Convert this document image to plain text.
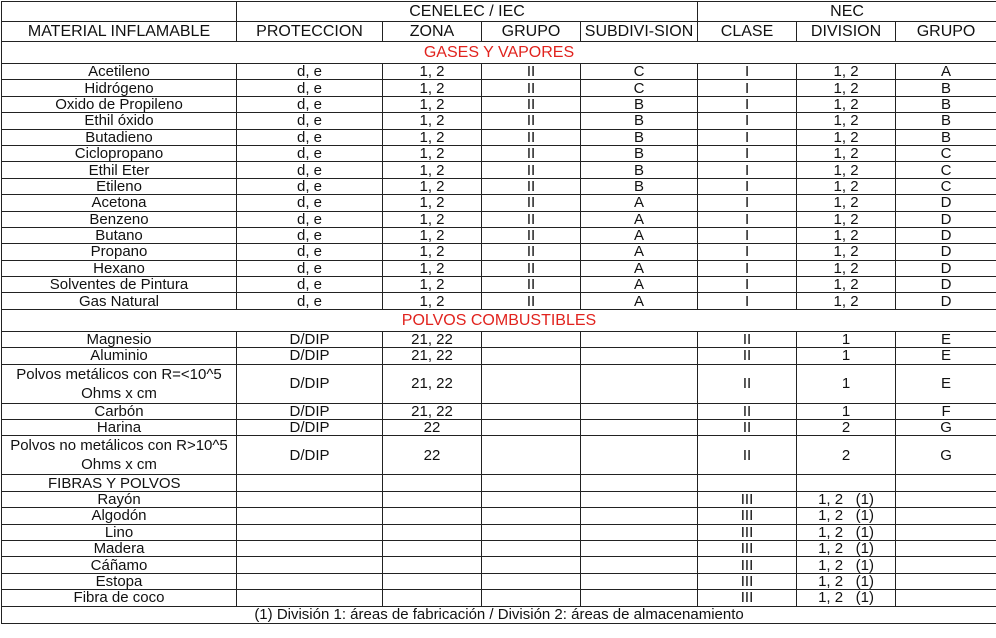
	CENELEC / IEC				NEC		
MATERIAL INFLAMABLE	PROTECCION	ZONA	GRUPO	SUBDIVI-SION	CLASE	DIVISION	GRUPO
GASES Y VAPORES							
Acetileno	d, e	1, 2	II	C	I	1, 2	A
Hidrógeno	d, e	1, 2	II	C	I	1, 2	B
Oxido de Propileno	d, e	1, 2	II	B	I	1, 2	B
Ethil óxido	d, e	1, 2	II	B	I	1, 2	B
Butadieno	d, e	1, 2	II	B	I	1, 2	B
Ciclopropano	d, e	1, 2	II	B	I	1, 2	C
Ethil Eter	d, e	1, 2	II	B	I	1, 2	C
Etileno	d, e	1, 2	II	B	I	1, 2	C
Acetona	d, e	1, 2	II	A	I	1, 2	D
Benzeno	d, e	1, 2	II	A	I	1, 2	D
Butano	d, e	1, 2	II	A	I	1, 2	D
Propano	d, e	1, 2	II	A	I	1, 2	D
Hexano	d, e	1, 2	II	A	I	1, 2	D
Solventes de Pintura	d, e	1, 2	II	A	I	1, 2	D
Gas Natural	d, e	1, 2	II	A	I	1, 2	D
POLVOS COMBUSTIBLES							
Magnesio	D/DIP	21, 22			II	1	E
Aluminio	D/DIP	21, 22			II	1	E

Polvos metálicos con R=<10^5 Ohms x cm	D/DIP	21, 22			II	1	E
Carbón	D/DIP	21, 22			II	1	F
Harina	D/DIP	22			II	2	G

Polvos no metálicos con R>10^5 Ohms x cm	D/DIP	22			II	2	G
FIBRAS Y POLVOS							
Rayón					III	1, 2   (1)	
Algodón					III	1, 2   (1)	
Lino					III	1, 2   (1)	
Madera					III	1, 2   (1)	
Cáñamo					III	1, 2   (1)	
Estopa					III	1, 2   (1)	
Fibra de coco					III	1, 2   (1)	
(1) División 1: áreas de fabricación / División 2: áreas de almacenamiento							
